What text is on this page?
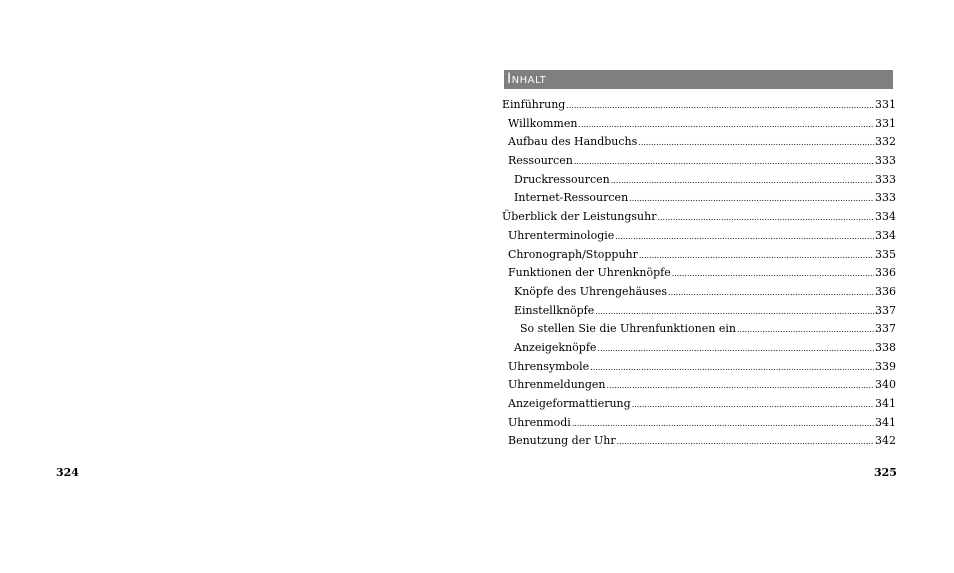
INHALT
Einführung .....	331
Willkommen .....	331
Aufbau des Handbuchs .....	332
Ressourcen .....	333
Druckressourcen .....	333
Internet-Ressourcen .....	333
Überblick der Leistungsuhr .....	334
Uhrenterminologie .....	334
Chronograph/Stoppuhr .....	335
Funktionen der Uhrenknöpfe .....	336
Knöpfe des Uhrengehäuses .....	336
Einstellknöpfe .....	337
So stellen Sie die Uhrenfunktionen ein .....	337
Anzeigeknöpfe .....	338
Uhrensymbole .....	339
Uhrenmeldungen .....	340
Anzeigeformattierung .....	341
Uhrenmodi .....	341
Benutzung der Uhr .....	342
324	325
